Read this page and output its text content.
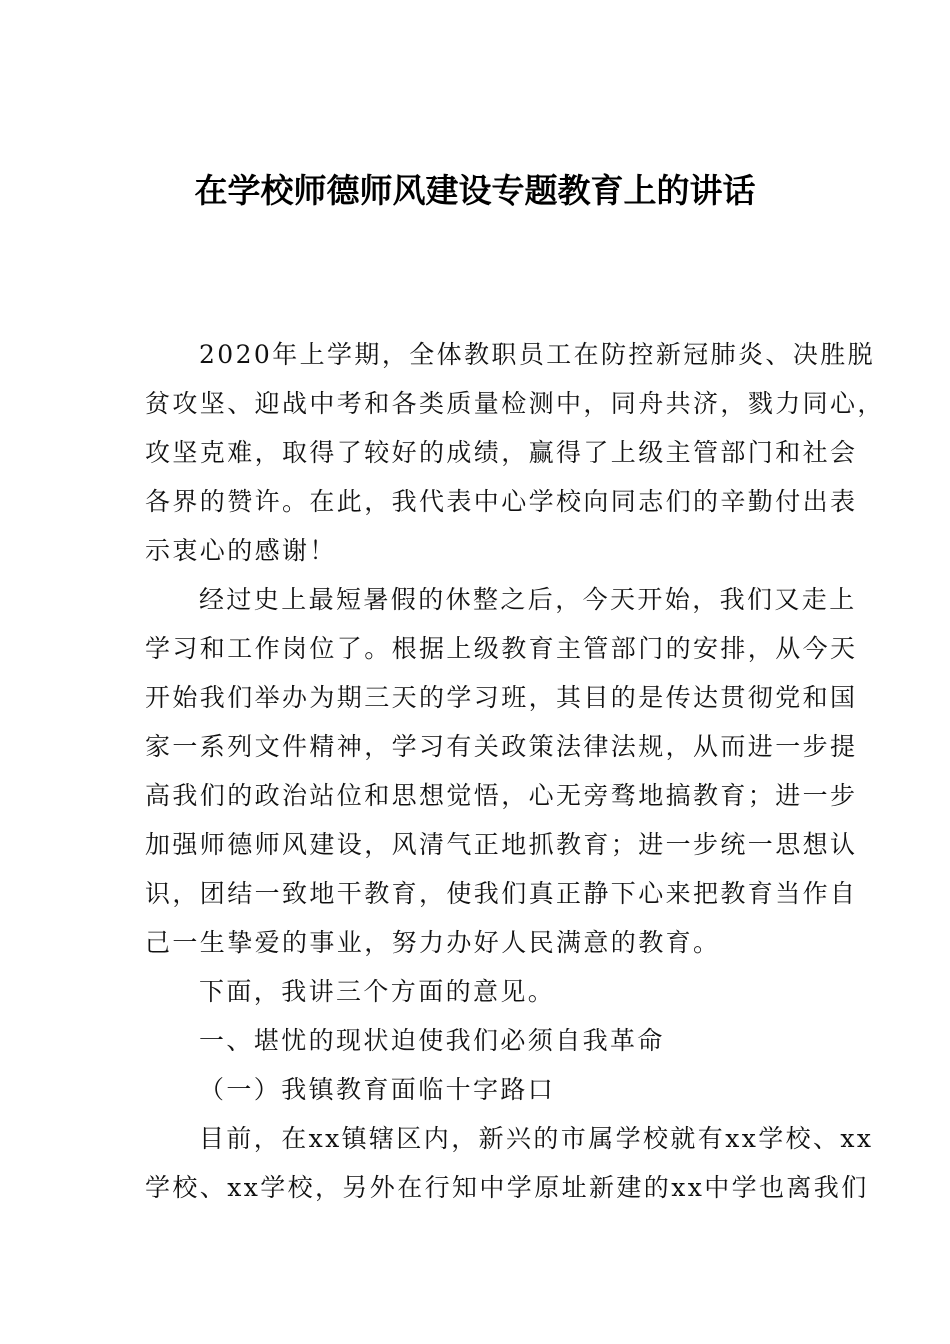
在学校师德师风建设专题教育上的讲话
2020年上学期，全体教职员工在防控新冠肺炎、决胜脱
贫攻坚、迎战中考和各类质量检测中，同舟共济，戮力同心，
攻坚克难，取得了较好的成绩，赢得了上级主管部门和社会
各界的赞许。在此，我代表中心学校向同志们的辛勤付出表
示衷心的感谢！
经过史上最短暑假的休整之后，今天开始，我们又走上
学习和工作岗位了。根据上级教育主管部门的安排，从今天
开始我们举办为期三天的学习班，其目的是传达贯彻党和国
家一系列文件精神，学习有关政策法律法规，从而进一步提
高我们的政治站位和思想觉悟，心无旁骛地搞教育；进一步
加强师德师风建设，风清气正地抓教育；进一步统一思想认
识，团结一致地干教育，使我们真正静下心来把教育当作自
己一生挚爱的事业，努力办好人民满意的教育。
下面，我讲三个方面的意见。
一、堪忧的现状迫使我们必须自我革命
（一）我镇教育面临十字路口
目前，在xx镇辖区内，新兴的市属学校就有xx学校、xx
学校、xx学校，另外在行知中学原址新建的xx中学也离我们
